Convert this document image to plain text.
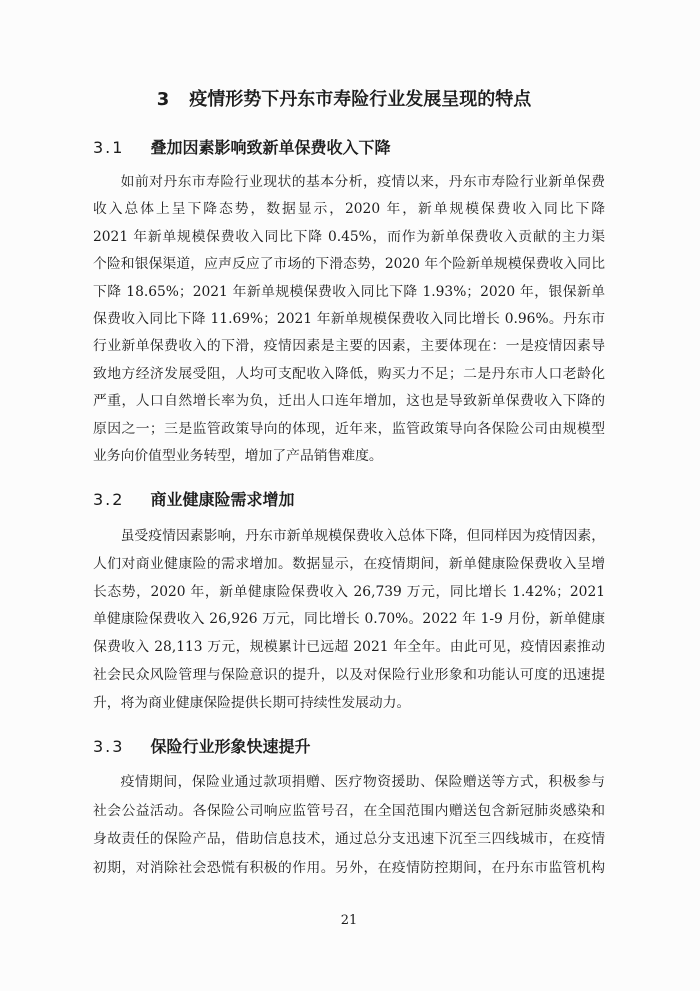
3 疫情形势下丹东市寿险行业发展呈现的特点
3.1 叠加因素影响致新单保费收入下降
如前对丹东市寿险行业现状的基本分析，疫情以来，丹东市寿险行业新单保费
收入总体上呈下降态势，数据显示，2020 年，新单规模保费收入同比下降
2021 年新单规模保费收入同比下降 0.45%，而作为新单保费收入贡献的主力渠
个险和银保渠道，应声反应了市场的下滑态势，2020 年个险新单规模保费收入同比
下降 18.65%；2021 年新单规模保费收入同比下降 1.93%；2020 年，银保新单
保费收入同比下降 11.69%；2021 年新单规模保费收入同比增长 0.96%。丹东市
行业新单保费收入的下滑，疫情因素是主要的因素，主要体现在：一是疫情因素导
致地方经济发展受阻，人均可支配收入降低，购买力不足；二是丹东市人口老龄化
严重，人口自然增长率为负，迁出人口连年增加，这也是导致新单保费收入下降的
原因之一；三是监管政策导向的体现，近年来，监管政策导向各保险公司由规模型
业务向价值型业务转型，增加了产品销售难度。
3.2 商业健康险需求增加
虽受疫情因素影响，丹东市新单规模保费收入总体下降，但同样因为疫情因素，
人们对商业健康险的需求增加。数据显示，在疫情期间，新单健康险保费收入呈增
长态势，2020 年，新单健康险保费收入 26,739 万元，同比增长 1.42%；2021
单健康险保费收入 26,926 万元，同比增长 0.70%。2022 年 1-9 月份，新单健康
保费收入 28,113 万元，规模累计已远超 2021 年全年。由此可见，疫情因素推动
社会民众风险管理与保险意识的提升，以及对保险行业形象和功能认可度的迅速提
升，将为商业健康保险提供长期可持续性发展动力。
3.3 保险行业形象快速提升
疫情期间，保险业通过款项捐赠、医疗物资援助、保险赠送等方式，积极参与
社会公益活动。各保险公司响应监管号召，在全国范围内赠送包含新冠肺炎感染和
身故责任的保险产品，借助信息技术，通过总分支迅速下沉至三四线城市，在疫情
初期，对消除社会恐慌有积极的作用。另外，在疫情防控期间，在丹东市监管机构
21
